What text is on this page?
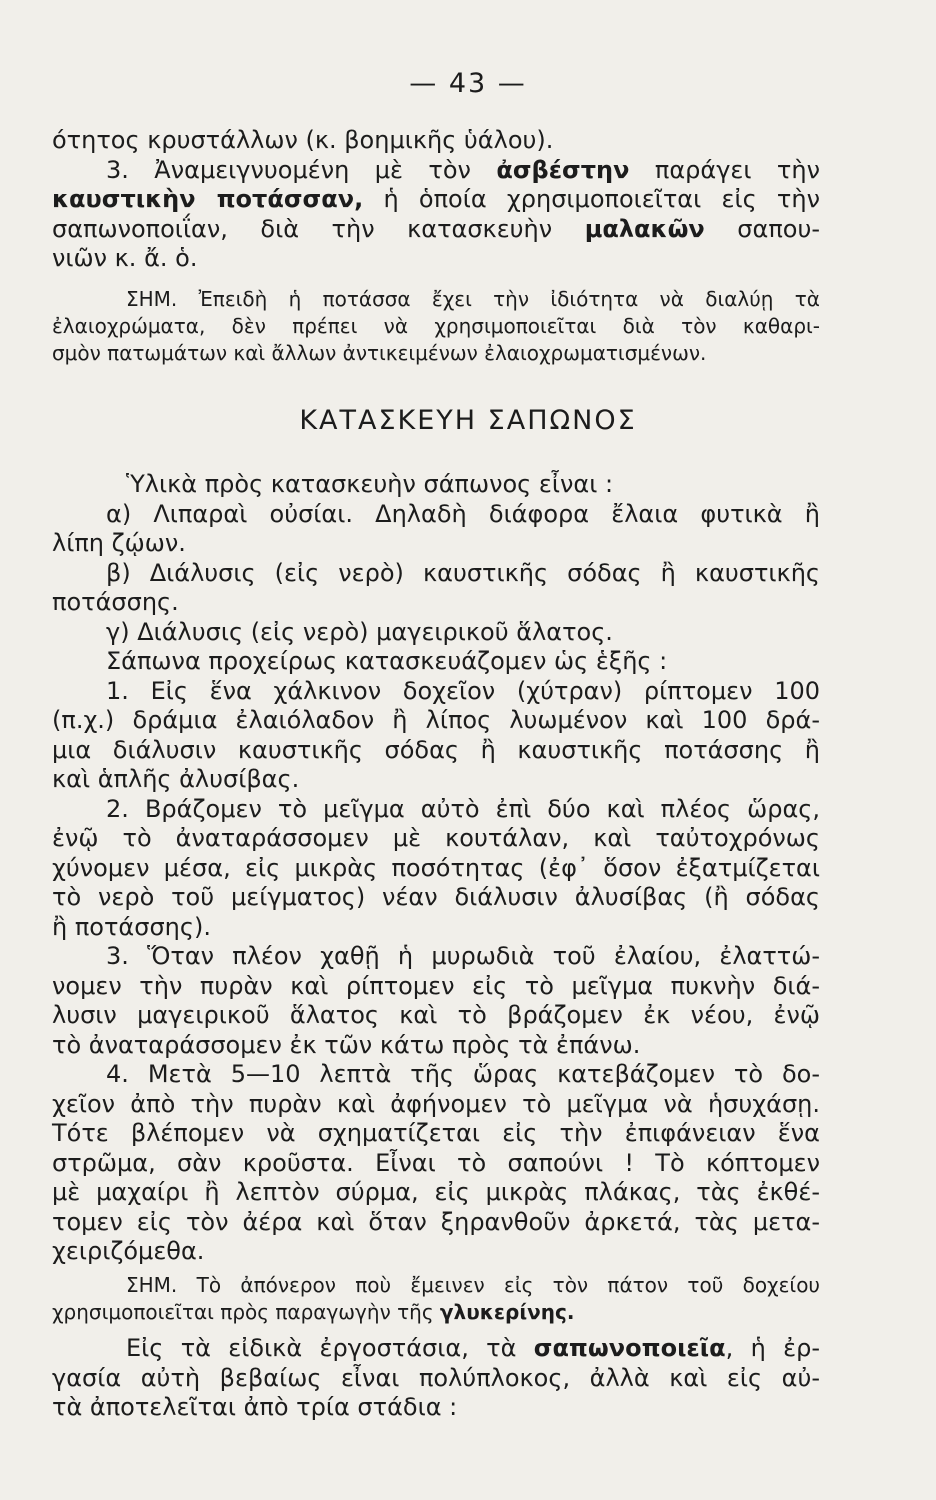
— 43 —
ότητος κρυστάλλων (κ. βοημικῆς ὑάλου).
3. Ἀναμειγνυομένη μὲ τὸν ἀσβέστην παράγει τὴν
καυστικὴν ποτάσσαν, ἡ ὁποία χρησιμοποιεῖται εἰς τὴν
σαπωνοποιΐαν, διὰ τὴν κατασκευὴν μαλακῶν σαπου-
νιῶν κ. ἄ. ὁ.
ΣΗΜ. Ἐπειδὴ ἡ ποτάσσα ἔχει τὴν ἰδιότητα νὰ διαλύῃ τὰ
ἐλαιοχρώματα, δὲν πρέπει νὰ χρησιμοποιεῖται διὰ τὸν καθαρι-
σμὸν πατωμάτων καὶ ἄλλων ἀντικειμένων ἐλαιοχρωματισμένων.
ΚΑΤΑΣΚΕΥΗ ΣΑΠΩΝΟΣ
Ὑλικὰ πρὸς κατασκευὴν σάπωνος εἶναι :
α) Λιπαραὶ οὐσίαι. Δηλαδὴ διάφορα ἔλαια φυτικὰ ἢ
λίπη ζῴων.
β) Διάλυσις (εἰς νερὸ) καυστικῆς σόδας ἢ καυστικῆς
ποτάσσης.
γ) Διάλυσις (εἰς νερὸ) μαγειρικοῦ ἅλατος.
Σάπωνα προχείρως κατασκευάζομεν ὡς ἑξῆς :
1. Εἰς ἕνα χάλκινον δοχεῖον (χύτραν) ρίπτομεν 100
(π.χ.) δράμια ἐλαιόλαδον ἢ λίπος λυωμένον καὶ 100 δρά-
μια διάλυσιν καυστικῆς σόδας ἢ καυστικῆς ποτάσσης ἢ
καὶ ἁπλῆς ἀλυσίβας.
2. Βράζομεν τὸ μεῖγμα αὐτὸ ἐπὶ δύο καὶ πλέος ὥρας,
ἐνῷ τὸ ἀναταράσσομεν μὲ κουτάλαν, καὶ ταὐτοχρόνως
χύνομεν μέσα, εἰς μικρὰς ποσότητας (ἐφ᾿ ὅσον ἐξατμίζεται
τὸ νερὸ τοῦ μείγματος) νέαν διάλυσιν ἀλυσίβας (ἢ σόδας
ἢ ποτάσσης).
3. Ὅταν πλέον χαθῇ ἡ μυρωδιὰ τοῦ ἐλαίου, ἐλαττώ-
νομεν τὴν πυρὰν καὶ ρίπτομεν εἰς τὸ μεῖγμα πυκνὴν διά-
λυσιν μαγειρικοῦ ἅλατος καὶ τὸ βράζομεν ἐκ νέου, ἐνῷ
τὸ ἀναταράσσομεν ἐκ τῶν κάτω πρὸς τὰ ἐπάνω.
4. Μετὰ 5—10 λεπτὰ τῆς ὥρας κατεβάζομεν τὸ δο-
χεῖον ἀπὸ τὴν πυρὰν καὶ ἀφήνομεν τὸ μεῖγμα νὰ ἡσυχάσῃ.
Τότε βλέπομεν νὰ σχηματίζεται εἰς τὴν ἐπιφάνειαν ἕνα
στρῶμα, σὰν κροῦστα. Εἶναι τὸ σαπούνι ! Τὸ κόπτομεν
μὲ μαχαίρι ἢ λεπτὸν σύρμα, εἰς μικρὰς πλάκας, τὰς ἐκθέ-
τομεν εἰς τὸν ἀέρα καὶ ὅταν ξηρανθοῦν ἀρκετά, τὰς μετα-
χειριζόμεθα.
ΣΗΜ. Τὸ ἀπόνερον ποὺ ἔμεινεν εἰς τὸν πάτον τοῦ δοχείου
χρησιμοποιεῖται πρὸς παραγωγὴν τῆς γλυκερίνης.
Εἰς τὰ εἰδικὰ ἐργοστάσια, τὰ σαπωνοποιεῖα, ἡ ἐρ-
γασία αὐτὴ βεβαίως εἶναι πολύπλοκος, ἀλλὰ καὶ εἰς αὐ-
τὰ ἀποτελεῖται ἀπὸ τρία στάδια :
